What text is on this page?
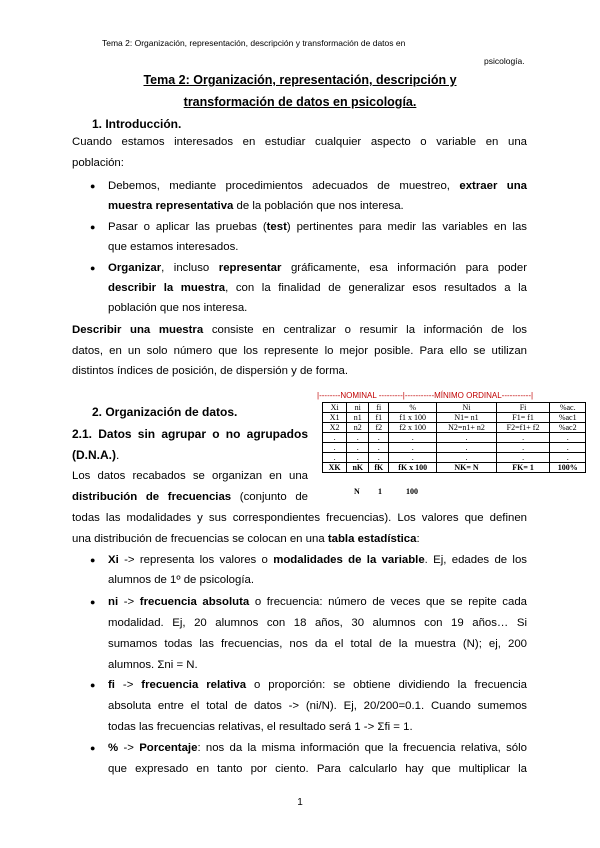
Tema 2: Organización, representación, descripción y transformación de datos en
psicología.
Tema 2: Organización, representación, descripción y
transformación de datos en psicología.
1. Introducción.
Cuando estamos interesados en estudiar cualquier aspecto o variable en una
población:
● Debemos, mediante procedimientos adecuados de muestreo, extraer una
muestra representativa de la población que nos interesa.
● Pasar o aplicar las pruebas (test) pertinentes para medir las variables en las
que estamos interesados.
● Organizar, incluso representar gráficamente, esa información para poder
describir la muestra, con la finalidad de generalizar esos resultados a la
población que nos interesa.
Describir una muestra consiste en centralizar o resumir la información de los
datos, en un solo número que los represente lo mejor posible. Para ello se utilizan
distintos índices de posición, de dispersión y de forma.
2. Organización de datos.
2.1. Datos sin agrupar o no agrupados
(D.N.A.).
Los datos recabados se organizan en una
distribución de frecuencias (conjunto de
todas las modalidades y sus correspondientes frecuencias). Los valores que definen
una distribución de frecuencias se colocan en una tabla estadística:
|--------NOMINAL ---------|-----------MÍNIMO ORDINAL-----------|
Xi	ni	fi	%	Ni	Fi	%ac.
X1	n1	f1	f1 x 100	N1= n1	F1= f1	%ac1
X2	n2	f2	f2 x 100	N2=n1+ n2	F2=f1+ f2	%ac2
.	.	.	.	.	.	.
.	.	.	.	.	.	.
.	.	.	.	.	.	.
XK	nK	fK	fK x 100	NK= N	FK= 1	100%
N 1	100
● Xi -> representa los valores o modalidades de la variable. Ej, edades de los
alumnos de 1º de psicología.
● ni -> frecuencia absoluta o frecuencia: número de veces que se repite cada
modalidad. Ej, 20 alumnos con 18 años, 30 alumnos con 19 años… Si
sumamos todas las frecuencias, nos da el total de la muestra (N); ej, 200
alumnos. Σni = N.
● fi -> frecuencia relativa o proporción: se obtiene dividiendo la frecuencia
absoluta entre el total de datos -> (ni/N). Ej, 20/200=0.1. Cuando sumemos
todas las frecuencias relativas, el resultado será 1 -> Σfi = 1.
● % -> Porcentaje: nos da la misma información que la frecuencia relativa, sólo
que expresado en tanto por ciento. Para calcularlo hay que multiplicar la
1
